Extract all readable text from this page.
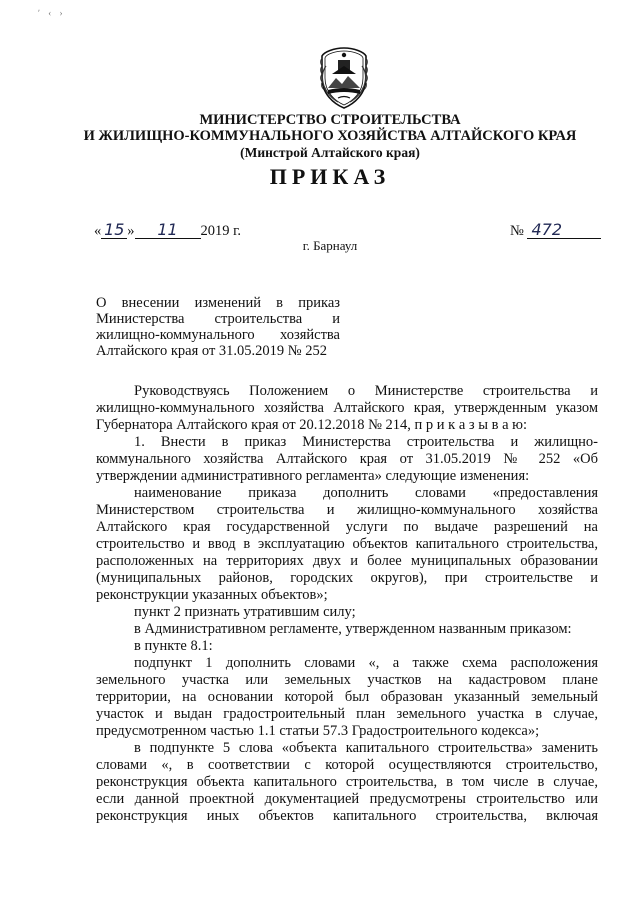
ʹ ‹ ›
МИНИСТЕРСТВО СТРОИТЕЛЬСТВА
И ЖИЛИЩНО-КОММУНАЛЬНОГО ХОЗЯЙСТВА АЛТАЙСКОГО КРАЯ
(Минстрой Алтайского края)
ПРИКАЗ
« 15 » 11 2019 г.	№ 472
г. Барнаул
О внесении изменений в приказ
Министерства строительства и
жилищно-коммунального хозяйства
Алтайского края от 31.05.2019 № 252
Руководствуясь Положением о Министерстве строительства и
жилищно-коммунального хозяйства Алтайского края, утвержденным указом
Губернатора Алтайского края от 20.12.2018 № 214, п р и к а з ы в а ю:
1. Внести в приказ Министерства строительства и жилищно-
коммунального хозяйства Алтайского края от 31.05.2019 № 252 «Об
утверждении административного регламента» следующие изменения:
наименование приказа дополнить словами «предоставления
Министерством строительства и жилищно-коммунального хозяйства
Алтайского края государственной услуги по выдаче разрешений на
строительство и ввод в эксплуатацию объектов капитального строительства,
расположенных на территориях двух и более муниципальных образовании
(муниципальных районов, городских округов), при строительстве и
реконструкции указанных объектов»;
пункт 2 признать утратившим силу;
в Административном регламенте, утвержденном названным приказом:
в пункте 8.1:
подпункт 1 дополнить словами «, а также схема расположения
земельного участка или земельных участков на кадастровом плане
территории, на основании которой был образован указанный земельный
участок и выдан градостроительный план земельного участка в случае,
предусмотренном частью 1.1 статьи 57.3 Градостроительного кодекса»;
в подпункте 5 слова «объекта капитального строительства» заменить
словами «, в соответствии с которой осуществляются строительство,
реконструкция объекта капитального строительства, в том числе в случае,
если данной проектной документацией предусмотрены строительство или
реконструкция иных объектов капитального строительства, включая
